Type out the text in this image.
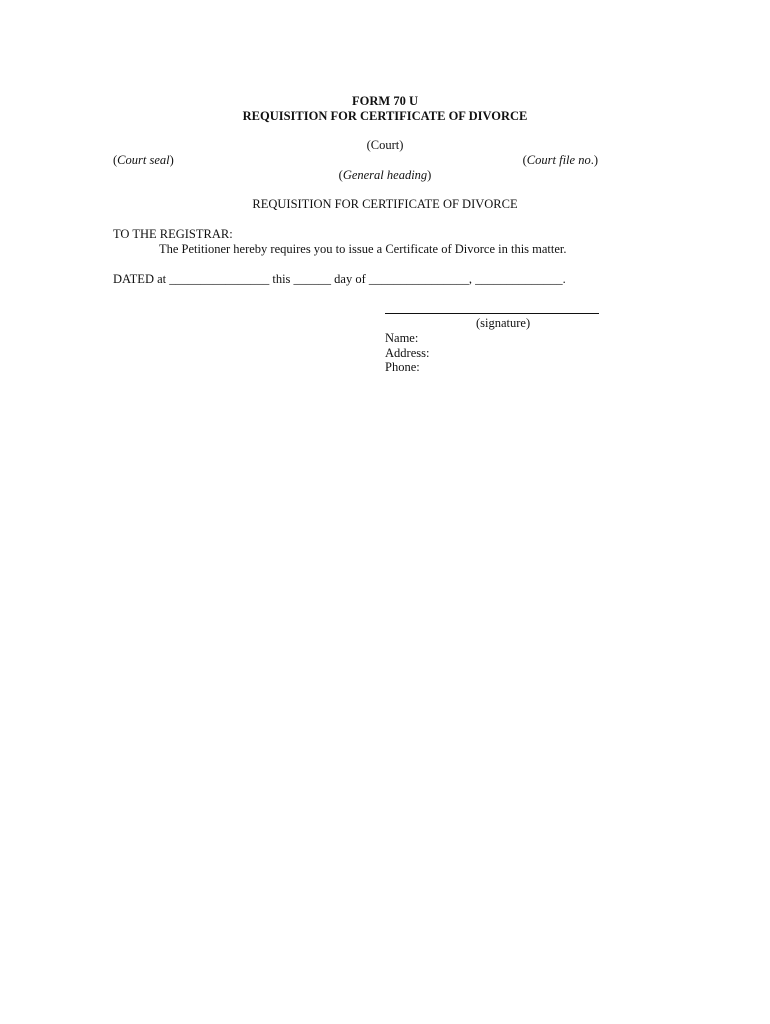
FORM 70 U
REQUISITION FOR CERTIFICATE OF DIVORCE
(Court)
(Court seal)	(Court file no.)
(General heading)
REQUISITION FOR CERTIFICATE OF DIVORCE
TO THE REGISTRAR:
The Petitioner hereby requires you to issue a Certificate of Divorce in this matter.
DATED at ________________ this ______ day of ________________, ______________.
(signature)
Name:
Address:
Phone:
